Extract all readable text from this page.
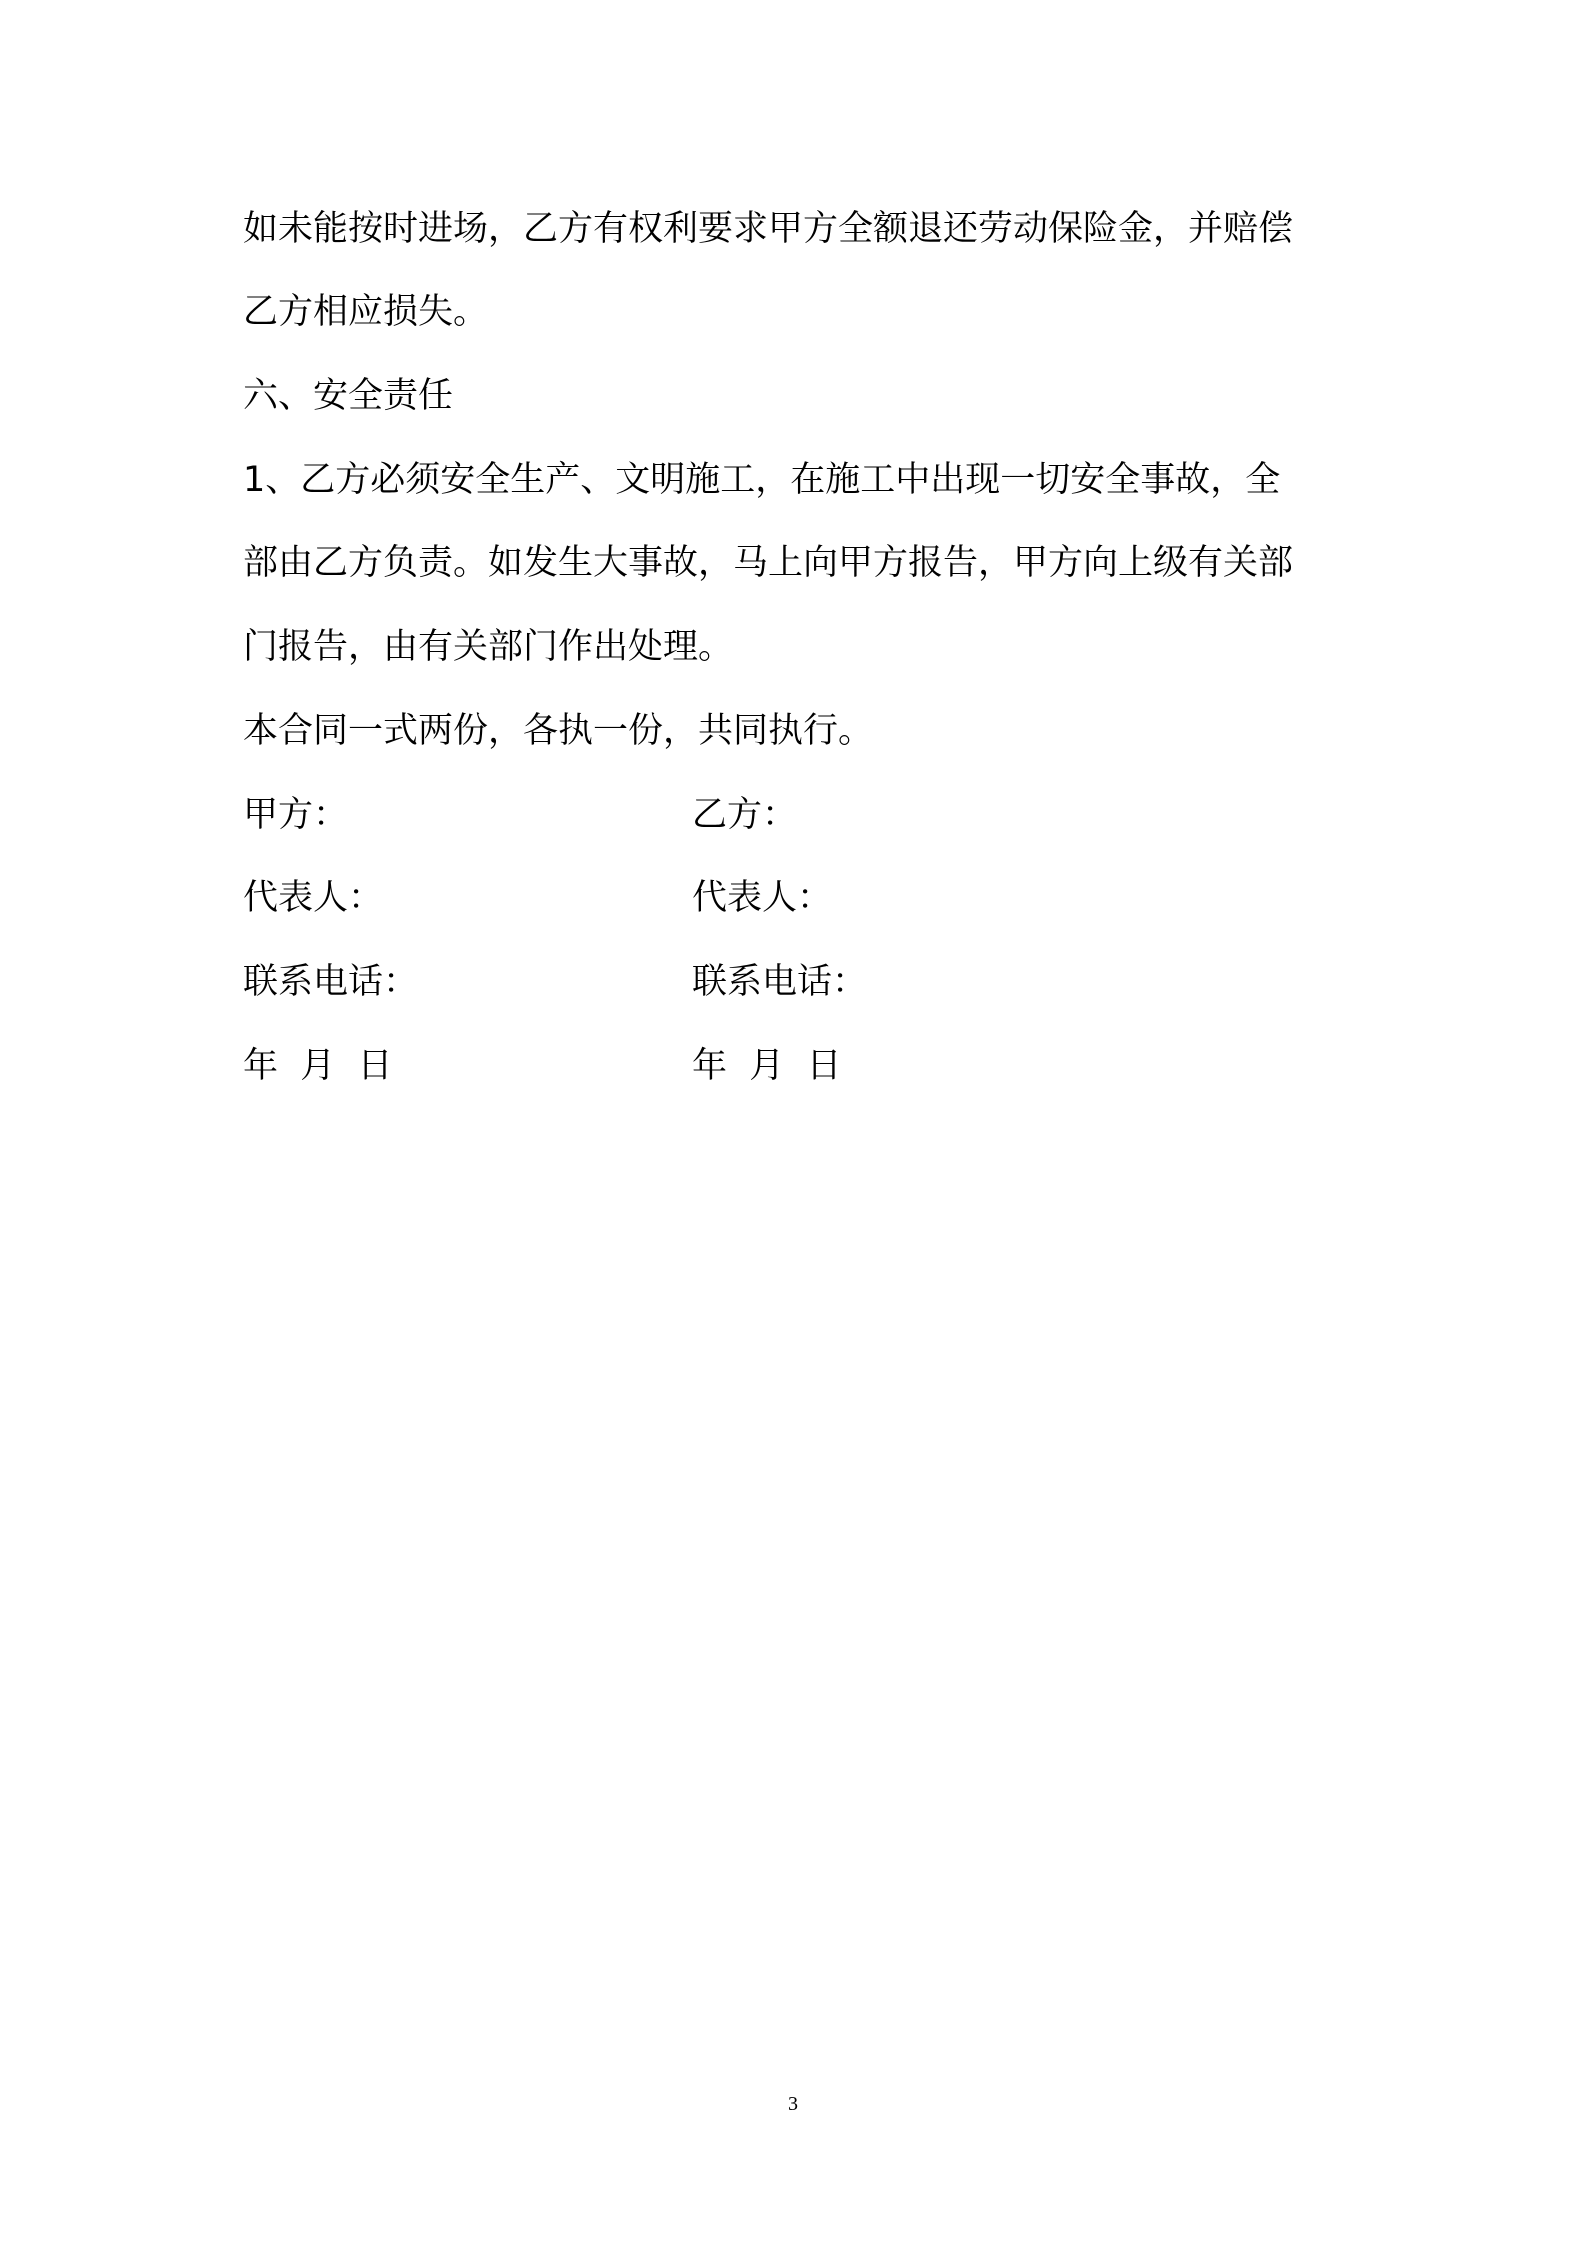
如未能按时进场，乙方有权利要求甲方全额退还劳动保险金，并赔偿
乙方相应损失。
六、安全责任
1、乙方必须安全生产、文明施工，在施工中出现一切安全事故，全
部由乙方负责。如发生大事故，马上向甲方报告，甲方向上级有关部
门报告，由有关部门作出处理。
本合同一式两份，各执一份，共同执行。
甲方：	乙方：
代表人：	代表人：
联系电话：	联系电话：
年  月  日	年  月  日
3
